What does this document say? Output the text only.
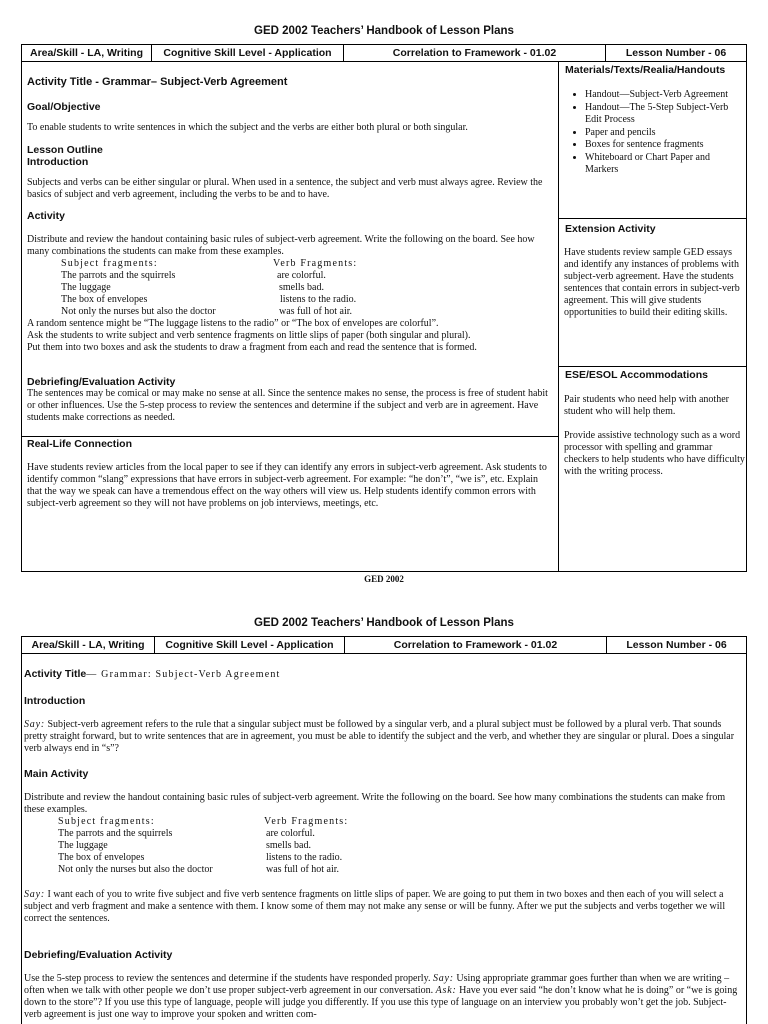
GED 2002 Teachers’ Handbook of Lesson Plans
Area/Skill - LA, Writing	Cognitive Skill Level - Application	Correlation to Framework - 01.02	Lesson Number - 06
Activity Title - Grammar– Subject-Verb Agreement
Goal/Objective
To enable students to write sentences in which the subject and the verbs are either both plural or both singular.
Lesson Outline
Introduction
Subjects and verbs can be either singular or plural. When used in a sentence, the subject and verb must always agree. Review the basics of subject and verb agreement, including the verbs to be and to have.
Activity
Distribute and review the handout containing basic rules of subject-verb agreement. Write the following on the board. See how many combinations the students can make from these examples.
Subject fragments:	Verb Fragments:
The parrots and the squirrels	are colorful.
The luggage	smells bad.
The box of envelopes	listens to the radio.
Not only the nurses but also the doctor	was full of hot air.
A random sentence might be “The luggage listens to the radio” or “The box of envelopes are colorful”.
Ask the students to write subject and verb sentence fragments on little slips of paper (both singular and plural).
Put them into two boxes and ask the students to draw a fragment from each and read the sentence that is formed.
Debriefing/Evaluation Activity
The sentences may be comical or may make no sense at all. Since the sentence makes no sense, the process is free of student habit or other influences. Use the 5-step process to review the sentences and determine if the subject and verb are in agreement. Have students make corrections as needed.
Real-Life Connection
Have students review articles from the local paper to see if they can identify any errors in subject-verb agreement. Ask students to identify common “slang” expressions that have errors in subject-verb agreement. For example: “he don’t”, “we is”, etc. Explain that the way we speak can have a tremendous effect on the way others will view us. Help students identify common errors with subject-verb agreement so they will not have problems on job interviews, meetings, etc.
Materials/Texts/Realia/Handouts
• Handout—Subject-Verb Agreement
• Handout—The 5-Step Subject-Verb Edit Process
• Paper and pencils
• Boxes for sentence fragments
• Whiteboard or Chart Paper and Markers
Extension Activity
Have students review sample GED essays and identify any instances of problems with subject-verb agreement. Have the students sentences that contain errors in subject-verb agreement. This will give students opportunities to build their editing skills.
ESE/ESOL Accommodations
Pair students who need help with another student who will help them.
Provide assistive technology such as a word processor with spelling and grammar checkers to help students who have difficulty with the writing process.
GED 2002
GED 2002 Teachers’ Handbook of Lesson Plans
Area/Skill - LA, Writing	Cognitive Skill Level - Application	Correlation to Framework - 01.02	Lesson Number - 06
Activity Title— Grammar: Subject-Verb Agreement
Introduction
Say: Subject-verb agreement refers to the rule that a singular subject must be followed by a singular verb, and a plural subject must be followed by a plural verb. That sounds pretty straight forward, but to write sentences that are in agreement, you must be able to identify the subject and the verb, and whether they are singular or plural. Does a singular verb always end in “s”?
Main Activity
Distribute and review the handout containing basic rules of subject-verb agreement. Write the following on the board. See how many combinations the students can make from these examples.
Subject fragments:	Verb Fragments:
The parrots and the squirrels	are colorful.
The luggage	smells bad.
The box of envelopes	listens to the radio.
Not only the nurses but also the doctor	was full of hot air.
Say: I want each of you to write five subject and five verb sentence fragments on little slips of paper. We are going to put them in two boxes and then each of you will select a subject and verb fragment and make a sentence with them. I know some of them may not make any sense or will be funny. After we put the subjects and verbs together we will correct the sentences.
Debriefing/Evaluation Activity
Use the 5-step process to review the sentences and determine if the students have responded properly. Say: Using appropriate grammar goes further than when we are writing – often when we talk with other people we don’t use proper subject-verb agreement in our conversation. Ask: Have you ever said “he don’t know what he is doing” or “we is going down to the store”? If you use this type of language, people will judge you differently. If you use this type of language on an interview you probably won’t get the job. Subject-verb agreement is just one way to improve your spoken and written com-
